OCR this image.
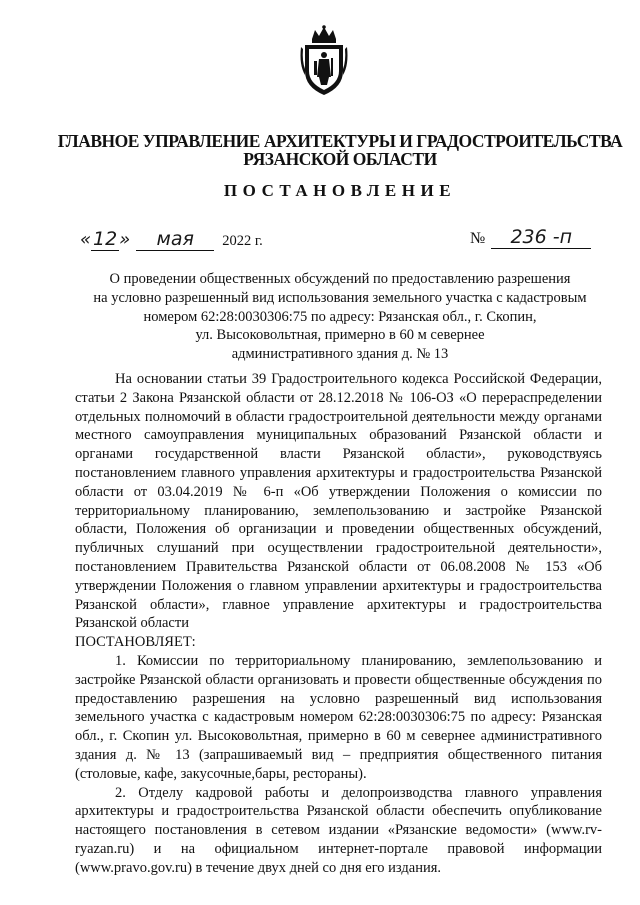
ГЛАВНОЕ УПРАВЛЕНИЕ АРХИТЕКТУРЫ И ГРАДОСТРОИТЕЛЬСТВА
РЯЗАНСКОЙ ОБЛАСТИ
ПОСТАНОВЛЕНИЕ
« 12 » мая 2022 г.	№ 236 -п
О проведении общественных обсуждений по предоставлению разрешения
на условно разрешенный вид использования земельного участка с кадастровым
номером 62:28:0030306:75 по адресу: Рязанская обл., г. Скопин,
ул. Высоковольтная, примерно в 60 м севернее
административного здания д. № 13

На основании статьи 39 Градостроительного кодекса Российской Федерации, статьи 2 Закона Рязанской области от 28.12.2018 № 106-ОЗ «О перераспределении отдельных полномочий в области градостроительной деятельности между органами местного самоуправления муниципальных образований Рязанской области и органами государственной власти Рязанской области», руководствуясь постановлением главного управления архитектуры и градостроительства Рязанской области от 03.04.2019 № 6-п «Об утверждении Положения о комиссии по территориальному планированию, землепользованию и застройке Рязанской области, Положения об организации и проведении общественных обсуждений, публичных слушаний при осуществлении градостроительной деятельности», постановлением Правительства Рязанской области от 06.08.2008 № 153 «Об утверждении Положения о главном управлении архитектуры и градостроительства Рязанской области», главное управление архитектуры и градостроительства Рязанской области

ПОСТАНОВЛЯЕТ:

1. Комиссии по территориальному планированию, землепользованию и застройке Рязанской области организовать и провести общественные обсуждения по предоставлению разрешения на условно разрешенный вид использования земельного участка с кадастровым номером 62:28:0030306:75 по адресу: Рязанская обл., г. Скопин ул. Высоковольтная, примерно в 60 м севернее административного здания д. № 13 (запрашиваемый вид – предприятия общественного питания (столовые, кафе, закусочные,бары, рестораны).

2. Отделу кадровой работы и делопроизводства главного управления архитектуры и градостроительства Рязанской области обеспечить опубликование настоящего постановления в сетевом издании «Рязанские ведомости» (www.rv-ryazan.ru) и на официальном интернет-портале правовой информации (www.pravo.gov.ru) в течение двух дней со дня его издания.
